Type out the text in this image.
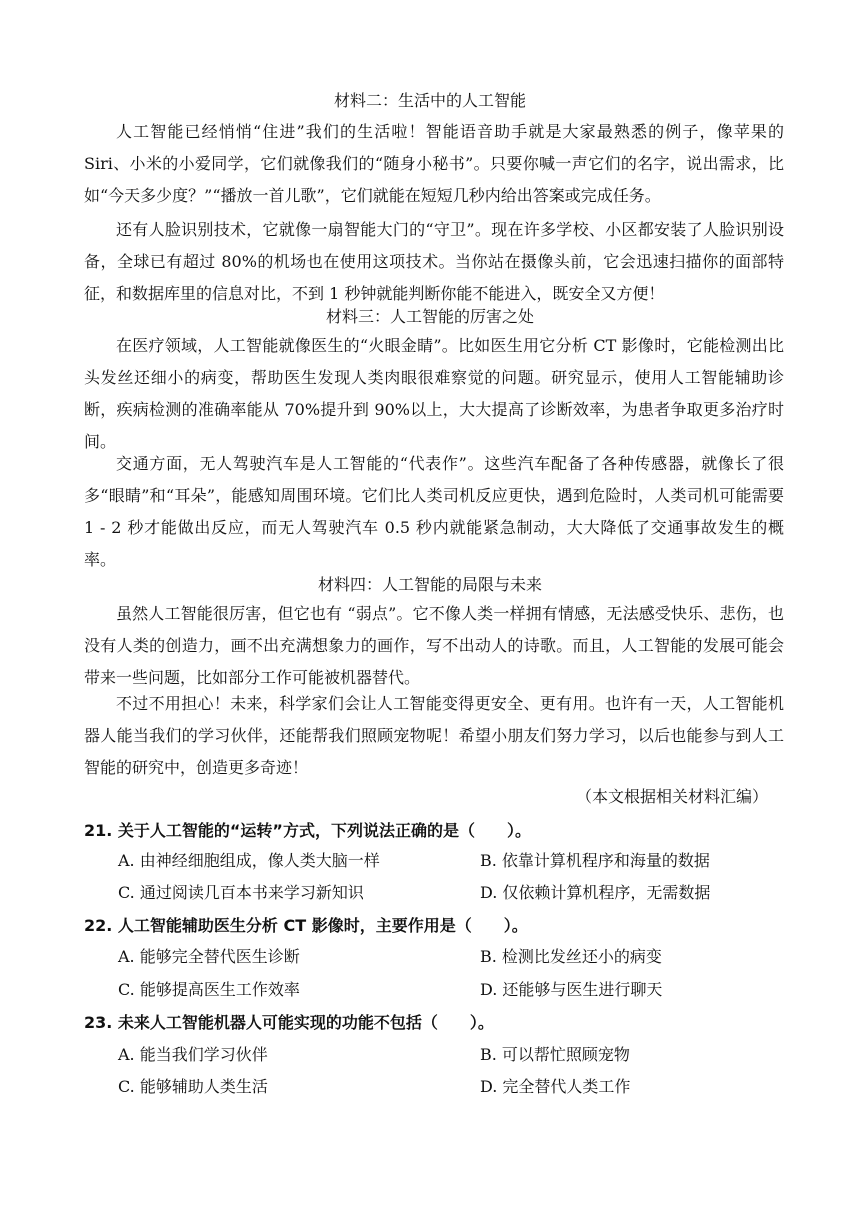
材料二：生活中的人工智能

人工智能已经悄悄“住进”我们的生活啦！智能语音助手就是大家最熟悉的例子，像苹果的Siri、小米的小爱同学，它们就像我们的“随身小秘书”。只要你喊一声它们的名字，说出需求，比如“今天多少度？”“播放一首儿歌”，它们就能在短短几秒内给出答案或完成任务。

还有人脸识别技术，它就像一扇智能大门的“守卫”。现在许多学校、小区都安装了人脸识别设备，全球已有超过 80%的机场也在使用这项技术。当你站在摄像头前，它会迅速扫描你的面部特征，和数据库里的信息对比，不到 1 秒钟就能判断你能不能进入，既安全又方便！

材料三：人工智能的厉害之处

在医疗领域，人工智能就像医生的“火眼金睛”。比如医生用它分析 CT 影像时，它能检测出比头发丝还细小的病变，帮助医生发现人类肉眼很难察觉的问题。研究显示，使用人工智能辅助诊断，疾病检测的准确率能从 70%提升到 90%以上，大大提高了诊断效率，为患者争取更多治疗时间。

交通方面，无人驾驶汽车是人工智能的“代表作”。这些汽车配备了各种传感器，就像长了很多“眼睛”和“耳朵”，能感知周围环境。它们比人类司机反应更快，遇到危险时，人类司机可能需要 1 - 2 秒才能做出反应，而无人驾驶汽车 0.5 秒内就能紧急制动，大大降低了交通事故发生的概率。

材料四：人工智能的局限与未来

虽然人工智能很厉害，但它也有 “弱点”。它不像人类一样拥有情感，无法感受快乐、悲伤，也没有人类的创造力，画不出充满想象力的画作，写不出动人的诗歌。而且，人工智能的发展可能会带来一些问题，比如部分工作可能被机器替代。

不过不用担心！未来，科学家们会让人工智能变得更安全、更有用。也许有一天，人工智能机器人能当我们的学习伙伴，还能帮我们照顾宠物呢！希望小朋友们努力学习，以后也能参与到人工智能的研究中，创造更多奇迹！

（本文根据相关材料汇编）
21. 关于人工智能的“运转”方式，下列说法正确的是（　　）。
A. 由神经细胞组成，像人类大脑一样	B. 依靠计算机程序和海量的数据
C. 通过阅读几百本书来学习新知识	D. 仅依赖计算机程序，无需数据
22. 人工智能辅助医生分析 CT 影像时，主要作用是（　　）。
A. 能够完全替代医生诊断	B. 检测比发丝还小的病变
C. 能够提高医生工作效率	D. 还能够与医生进行聊天
23. 未来人工智能机器人可能实现的功能不包括（　　）。
A. 能当我们学习伙伴	B. 可以帮忙照顾宠物
C. 能够辅助人类生活	D. 完全替代人类工作
